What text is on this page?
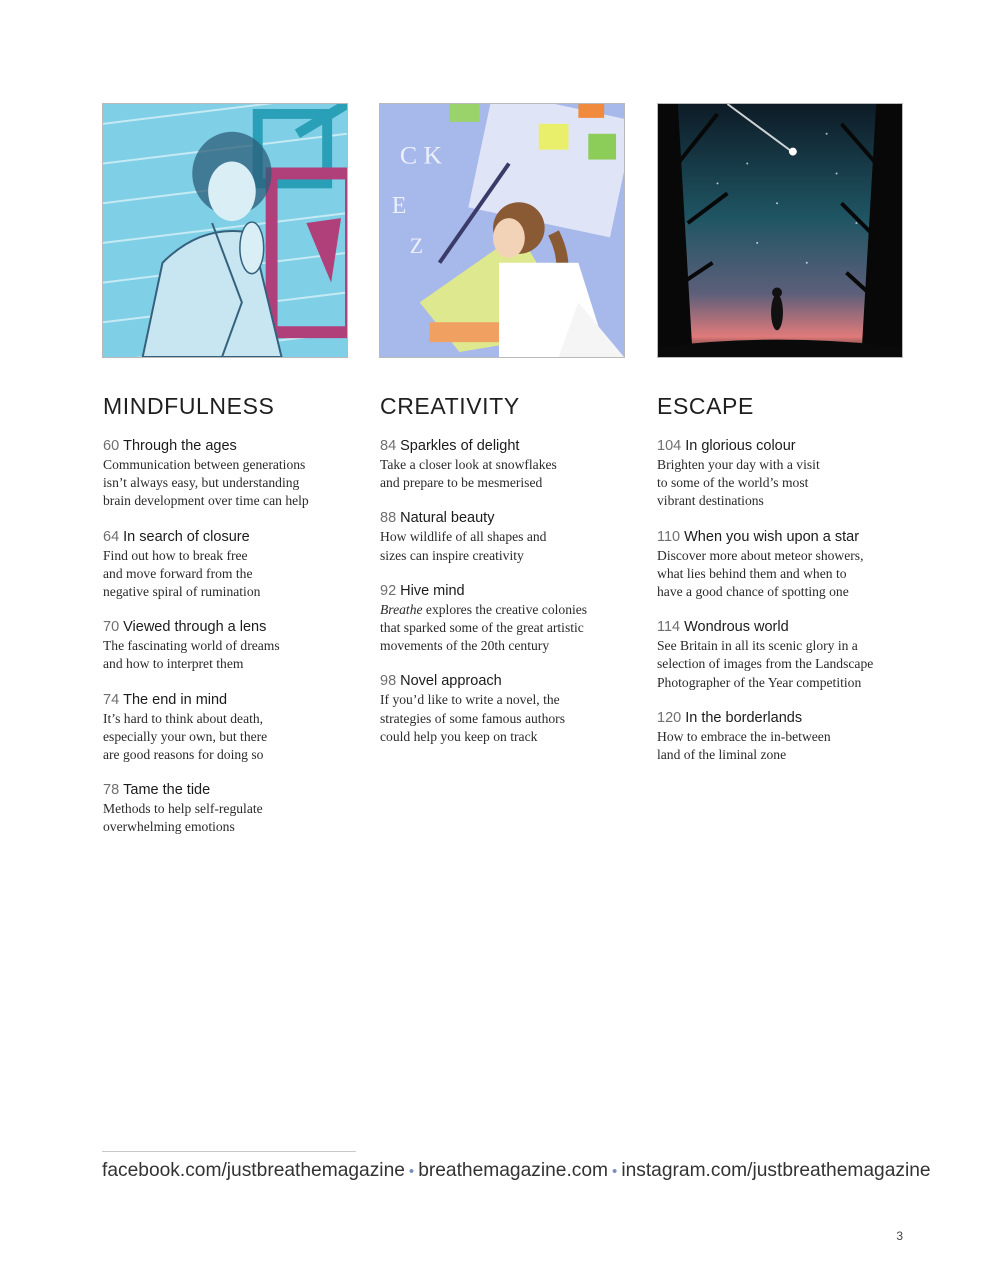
C K
E
Z
MINDFULNESS
60 Through the ages
Communication between generations
isn’t always easy, but understanding
brain development over time can help
64 In search of closure
Find out how to break free
and move forward from the
negative spiral of rumination
70 Viewed through a lens
The fascinating world of dreams
and how to interpret them
74 The end in mind
It’s hard to think about death,
especially your own, but there
are good reasons for doing so
78 Tame the tide
Methods to help self-regulate
overwhelming emotions
CREATIVITY
84 Sparkles of delight
Take a closer look at snowflakes
and prepare to be mesmerised
88 Natural beauty
How wildlife of all shapes and
sizes can inspire creativity
92 Hive mind
Breathe explores the creative colonies
that sparked some of the great artistic
movements of the 20th century
98 Novel approach
If you’d like to write a novel, the
strategies of some famous authors
could help you keep on track
ESCAPE
104 In glorious colour
Brighten your day with a visit
to some of the world’s most
vibrant destinations
110 When you wish upon a star
Discover more about meteor showers,
what lies behind them and when to
have a good chance of spotting one
114 Wondrous world
See Britain in all its scenic glory in a
selection of images from the Landscape
Photographer of the Year competition
120 In the borderlands
How to embrace the in-between
land of the liminal zone
facebook.com/justbreathemagazine • breathemagazine.com • instagram.com/justbreathemagazine
3
